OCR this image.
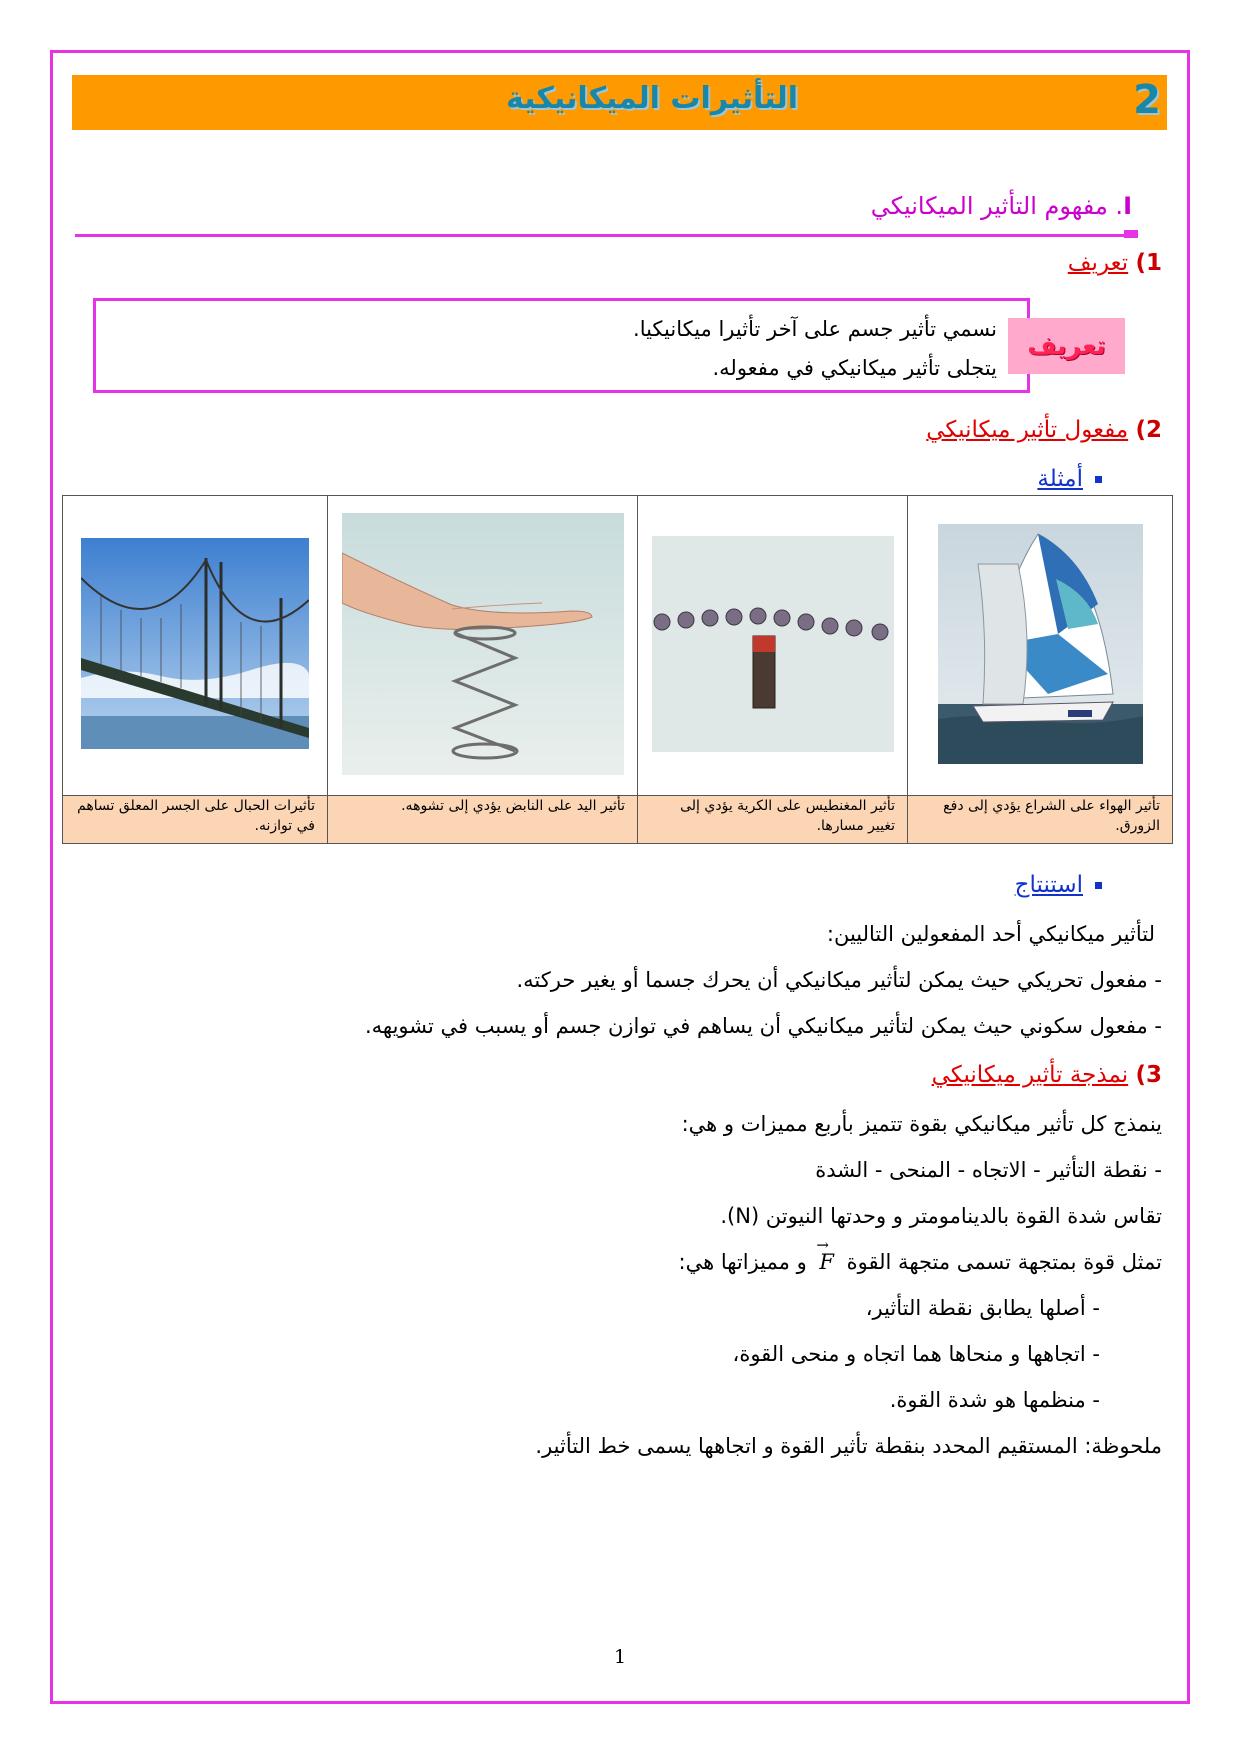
التأثيرات الميكانيكية	2
I. مفهوم التأثير الميكانيكي
1) تعريف
نسمي تأثير جسم على آخر تأثيرا ميكانيكيا.
يتجلى تأثير ميكانيكي في مفعوله.
تعريف
2) مفعول تأثير ميكانيكي
أمثلة

تأثير الهواء على الشراع يؤدي إلى دفع الزورق.	تأثير المغنطيس على الكرية يؤدي إلى تغيير مسارها.	تأثير اليد على النابض يؤدي إلى تشوهه.	تأثيرات الحبال على الجسر المعلق تساهم في توازنه.
استنتاج
لتأثير ميكانيكي أحد المفعولين التاليين:
- مفعول تحريكي حيث يمكن لتأثير ميكانيكي أن يحرك جسما أو يغير حركته.
- مفعول سكوني حيث يمكن لتأثير ميكانيكي أن يساهم في توازن جسم أو يسبب في تشويهه.
3) نمذجة تأثير ميكانيكي
ينمذج كل تأثير ميكانيكي بقوة تتميز بأربع مميزات و هي:
- نقطة التأثير - الاتجاه - المنحى - الشدة
تقاس شدة القوة بالدينامومتر و وحدتها النيوتن (N).
تمثل قوة بمتجهة تسمى متجهة القوة → F و مميزاتها هي:
- أصلها يطابق نقطة التأثير،
- اتجاهها و منحاها هما اتجاه و منحى القوة،
- منظمها هو شدة القوة.
ملحوظة: المستقيم المحدد بنقطة تأثير القوة و اتجاهها يسمى خط التأثير.
1
